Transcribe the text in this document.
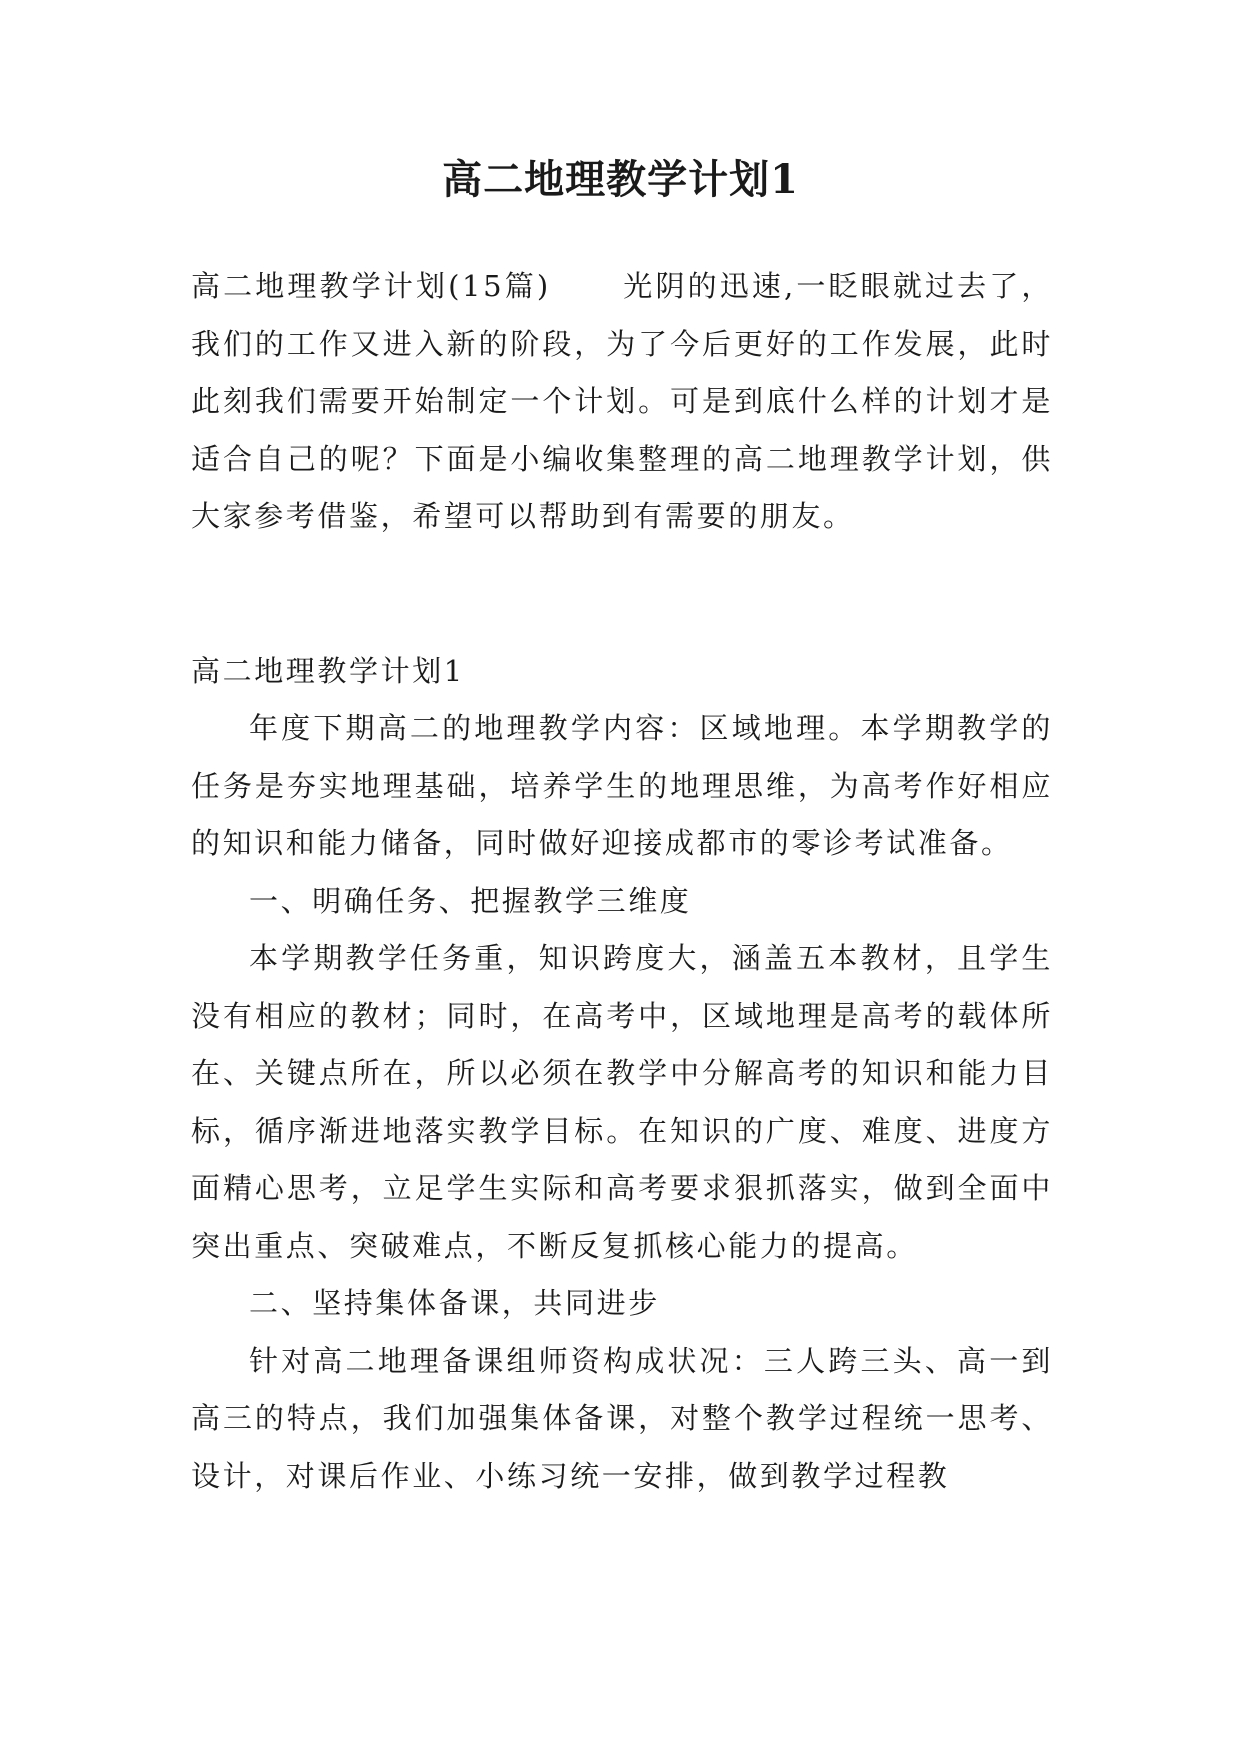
高二地理教学计划1
高二地理教学计划(15篇) 光阴的迅速,一眨眼就过去了，我们的工作又进入新的阶段，为了今后更好的工作发展，此时此刻我们需要开始制定一个计划。可是到底什么样的计划才是适合自己的呢？下面是小编收集整理的高二地理教学计划，供大家参考借鉴，希望可以帮助到有需要的朋友。
高二地理教学计划1

年度下期高二的地理教学内容：区域地理。本学期教学的任务是夯实地理基础，培养学生的地理思维，为高考作好相应的知识和能力储备，同时做好迎接成都市的零诊考试准备。

一、明确任务、把握教学三维度

本学期教学任务重，知识跨度大，涵盖五本教材，且学生没有相应的教材；同时，在高考中，区域地理是高考的载体所在、关键点所在，所以必须在教学中分解高考的知识和能力目标，循序渐进地落实教学目标。在知识的广度、难度、进度方面精心思考，立足学生实际和高考要求狠抓落实，做到全面中突出重点、突破难点，不断反复抓核心能力的提高。

二、坚持集体备课，共同进步

针对高二地理备课组师资构成状况：三人跨三头、高一到高三的特点，我们加强集体备课，对整个教学过程统一思考、设计，对课后作业、小练习统一安排，做到教学过程教
